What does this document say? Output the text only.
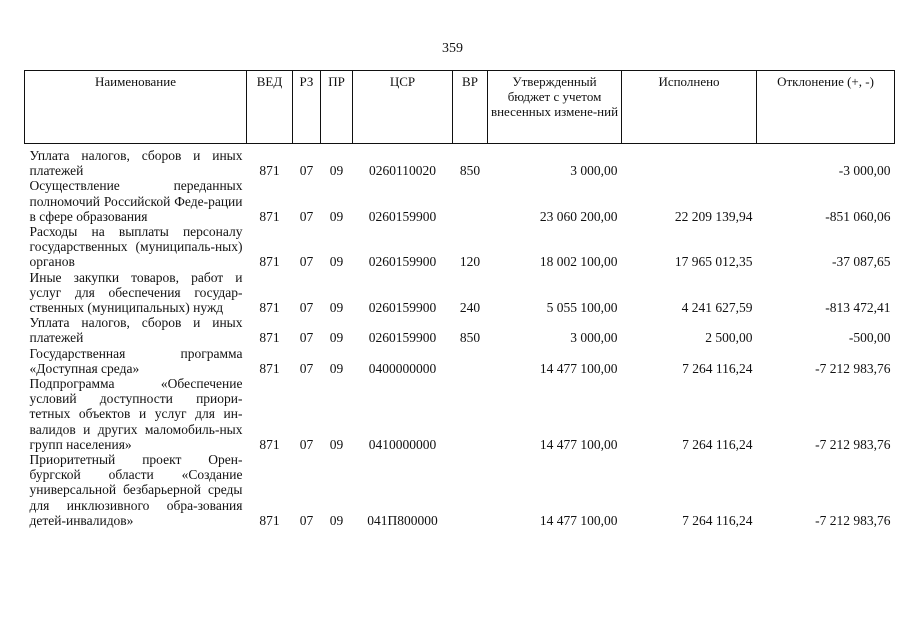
359
Наименование	ВЕД	РЗ	ПР	ЦСР	ВР	Утвержденный бюджет с учетом внесенных измене-ний	Исполнено	Отклонение (+, -)

Уплата налогов, сборов и иных платежей	871	07	09	0260110020	850	3 000,00		-3 000,00
Осуществление переданных полномочий Российской Феде-рации в сфере образования	871	07	09	0260159900		23 060 200,00	22 209 139,94	-851 060,06
Расходы на выплаты персоналу государственных (муниципаль-ных) органов	871	07	09	0260159900	120	18 002 100,00	17 965 012,35	-37 087,65
Иные закупки товаров, работ и услуг для обеспечения государ-ственных (муниципальных) нужд	871	07	09	0260159900	240	5 055 100,00	4 241 627,59	-813 472,41
Уплата налогов, сборов и иных платежей	871	07	09	0260159900	850	3 000,00	2 500,00	-500,00
Государственная программа «Доступная среда»	871	07	09	0400000000		14 477 100,00	7 264 116,24	-7 212 983,76
Подпрограмма «Обеспечение условий доступности приори-тетных объектов и услуг для ин-валидов и других маломобиль-ных групп населения»	871	07	09	0410000000		14 477 100,00	7 264 116,24	-7 212 983,76
Приоритетный проект Орен-бургской области «Создание универсальной безбарьерной среды для инклюзивного обра-зования детей-инвалидов»	871	07	09	041П800000		14 477 100,00	7 264 116,24	-7 212 983,76
